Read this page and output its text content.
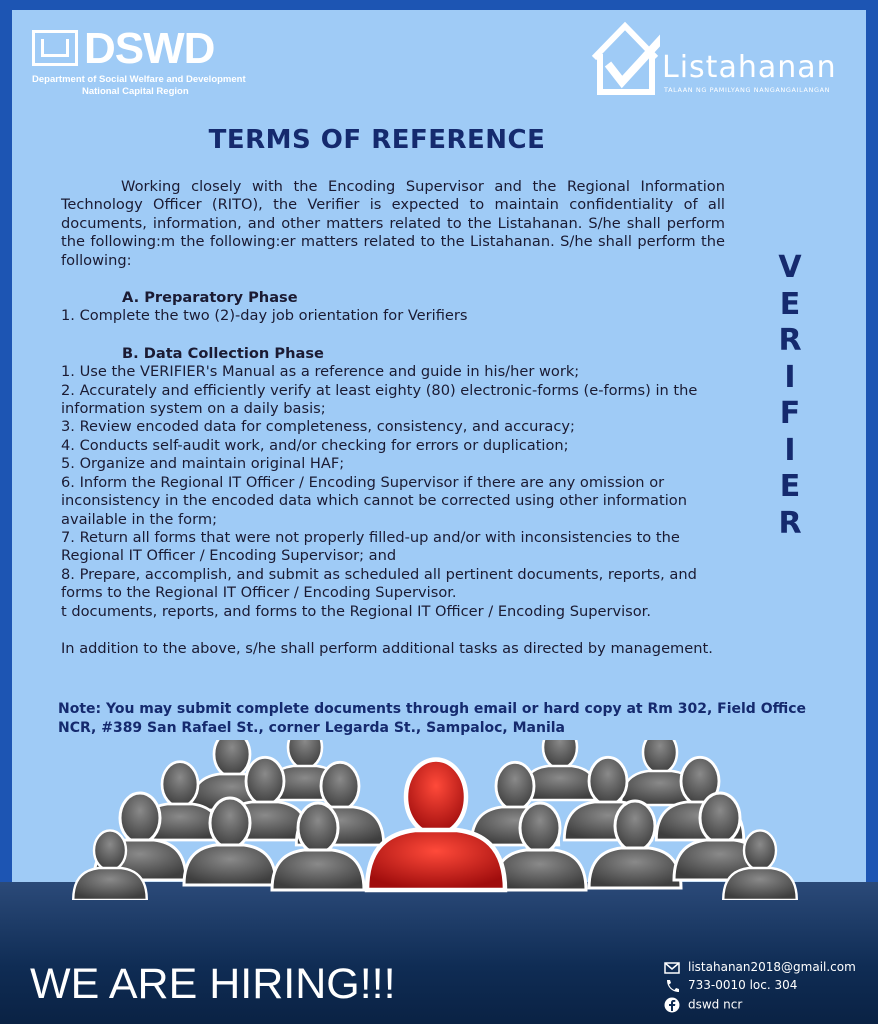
DSWD
Department of Social Welfare and Development
National Capital Region
Listahanan
TALAAN NG PAMILYANG NANGANGAILANGAN
TERMS OF REFERENCE

Working closely with the Encoding Supervisor and the Regional Information Technology Officer (RITO), the Verifier is expected to maintain confidentiality of all documents, information, and other matters related to the Listahanan. S/he shall perform the following:m the following:er matters related to the Listahanan. S/he shall perform the following:

A. Preparatory Phase

1. Complete the two (2)-day job orientation for Verifiers

B. Data Collection Phase

1. Use the VERIFIER's Manual as a reference and guide in his/her work;

2. Accurately and efficiently verify at least eighty (80) electronic-forms (e-forms) in the information system on a daily basis;

3. Review encoded data for completeness, consistency, and accuracy;

4. Conducts self-audit work, and/or checking for errors or duplication;

5. Organize and maintain original HAF;

6. Inform the Regional IT Officer / Encoding Supervisor if there are any omission or inconsistency in the encoded data which cannot be corrected using other information available in the form;

7. Return all forms that were not properly filled-up and/or with inconsistencies to the Regional IT Officer / Encoding Supervisor; and

8. Prepare, accomplish, and submit as scheduled all pertinent documents, reports, and forms to the Regional IT Officer / Encoding Supervisor.

t documents, reports, and forms to the Regional IT Officer / Encoding Supervisor.

In addition to the above, s/he shall perform additional tasks as directed by management.

V
E
R
I
F
I
E
R
Note: You may submit complete documents through email or hard copy at Rm 302, Field Office NCR, #389 San Rafael St., corner Legarda St., Sampaloc, Manila
WE ARE HIRING!!!	listahanan2018@gmail.com
733-0010 loc. 304
dswd ncr
